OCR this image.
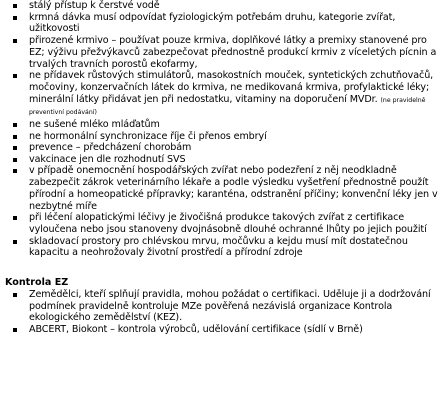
stálý přístup k čerstvé vodě
krmná dávka musí odpovídat fyziologickým potřebám druhu, kategorie zvířat, užitkovosti
přirozené krmivo – používat pouze krmiva, doplňkové látky a premixy stanovené pro EZ; výživu přežvýkavců zabezpečovat přednostně produkcí krmiv z víceletých pícnin a trvalých travních porostů ekofarmy,
ne přídavek růstových stimulátorů, masokostních mouček, syntetických zchutňovačů, močoviny, konzervačních látek do krmiva, ne medikovaná krmiva, profylaktické léky; minerální látky přidávat jen při nedostatku, vitaminy na doporučení MVDr. (ne pravidelně preventivní podávání)
ne sušené mléko mláďatům
ne hormonální synchronizace říje či přenos embryí
prevence – předcházení chorobám
vakcinace jen dle rozhodnutí SVS
v případě onemocnění hospodářských zvířat nebo podezření z něj neodkladně zabezpečit zákrok veterinárního lékaře a podle výsledku vyšetření přednostně použít přírodní a homeopatické přípravky; karanténa, odstranění příčiny; konvenční léky jen v nezbytné míře
při léčení alopatickými léčivy je živočišná produkce takových zvířat z certifikace vyloučena nebo jsou stanoveny dvojnásobně dlouhé ochranné lhůty po jejich použití
skladovací prostory pro chlévskou mrvu, močůvku a kejdu musí mít dostatečnou kapacitu a neohrožovaly životní prostředí a přírodní zdroje
Kontrola EZ
Zemědělci, kteří splňují pravidla, mohou požádat o certifikaci. Uděluje ji a dodržování podmínek pravidelně kontroluje MZe pověřená nezávislá organizace Kontrola ekologického zemědělství (KEZ).
ABCERT, Biokont – kontrola výrobců, udělování certifikace (sídlí v Brně)
